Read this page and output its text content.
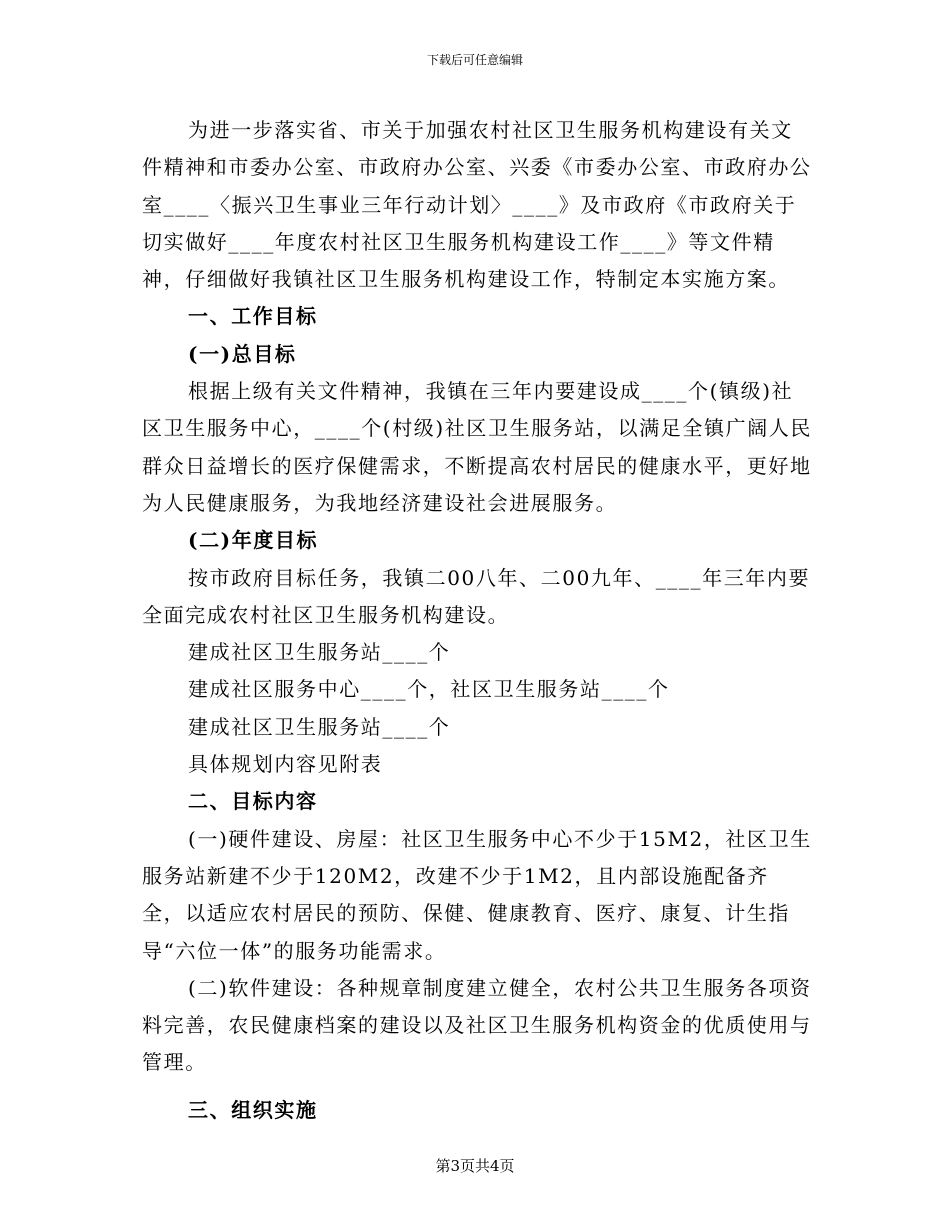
下载后可任意编辑

为进一步落实省、市关于加强农村社区卫生服务机构建设有关文件精神和市委办公室、市政府办公室、兴委《市委办公室、市政府办公室____〈振兴卫生事业三年行动计划〉____》及市政府《市政府关于切实做好____年度农村社区卫生服务机构建设工作____》等文件精神，仔细做好我镇社区卫生服务机构建设工作，特制定本实施方案。

一、工作目标

(一)总目标

根据上级有关文件精神，我镇在三年内要建设成____个(镇级)社区卫生服务中心，____个(村级)社区卫生服务站，以满足全镇广阔人民群众日益增长的医疗保健需求，不断提高农村居民的健康水平，更好地为人民健康服务，为我地经济建设社会进展服务。

(二)年度目标

按市政府目标任务，我镇二00八年、二00九年、____年三年内要全面完成农村社区卫生服务机构建设。

建成社区卫生服务站____个

建成社区服务中心____个，社区卫生服务站____个

建成社区卫生服务站____个

具体规划内容见附表

二、目标内容

(一)硬件建设、房屋：社区卫生服务中心不少于15M2，社区卫生服务站新建不少于120M2，改建不少于1M2，且内部设施配备齐全，以适应农村居民的预防、保健、健康教育、医疗、康复、计生指导“六位一体”的服务功能需求。

(二)软件建设：各种规章制度建立健全，农村公共卫生服务各项资料完善，农民健康档案的建设以及社区卫生服务机构资金的优质使用与管理。

三、组织实施

第3页共4页
